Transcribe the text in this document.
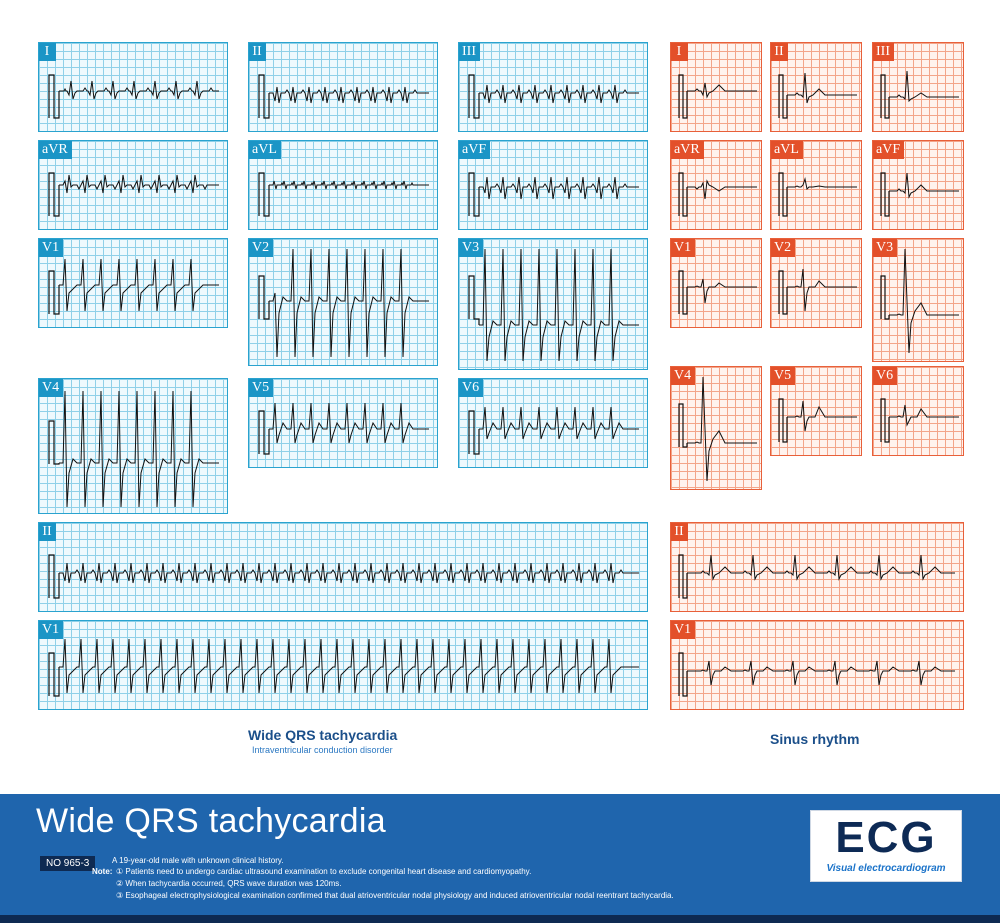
I	II	III
aVR	aVL	aVF
V1	V2	V3
V4	V5	V6
II
V1
Wide QRS tachycardia
Intraventricular conduction disorder
I	II	III
aVR	aVL	aVF
V1	V2	V3
V4	V5	V6
II
V1
Sinus rhythm
Wide QRS tachycardia
NO 965-3	A 19-year-old male with unknown clinical history.
Note: ① Patients need to undergo cardiac ultrasound examination to exclude congenital heart disease and cardiomyopathy.
② When tachycardia occurred, QRS wave duration was 120ms.
③ Esophageal electrophysiological examination confirmed that dual atrioventricular nodal physiology and induced atrioventricular nodal reentrant tachycardia.
ECG
Visual electrocardiogram
